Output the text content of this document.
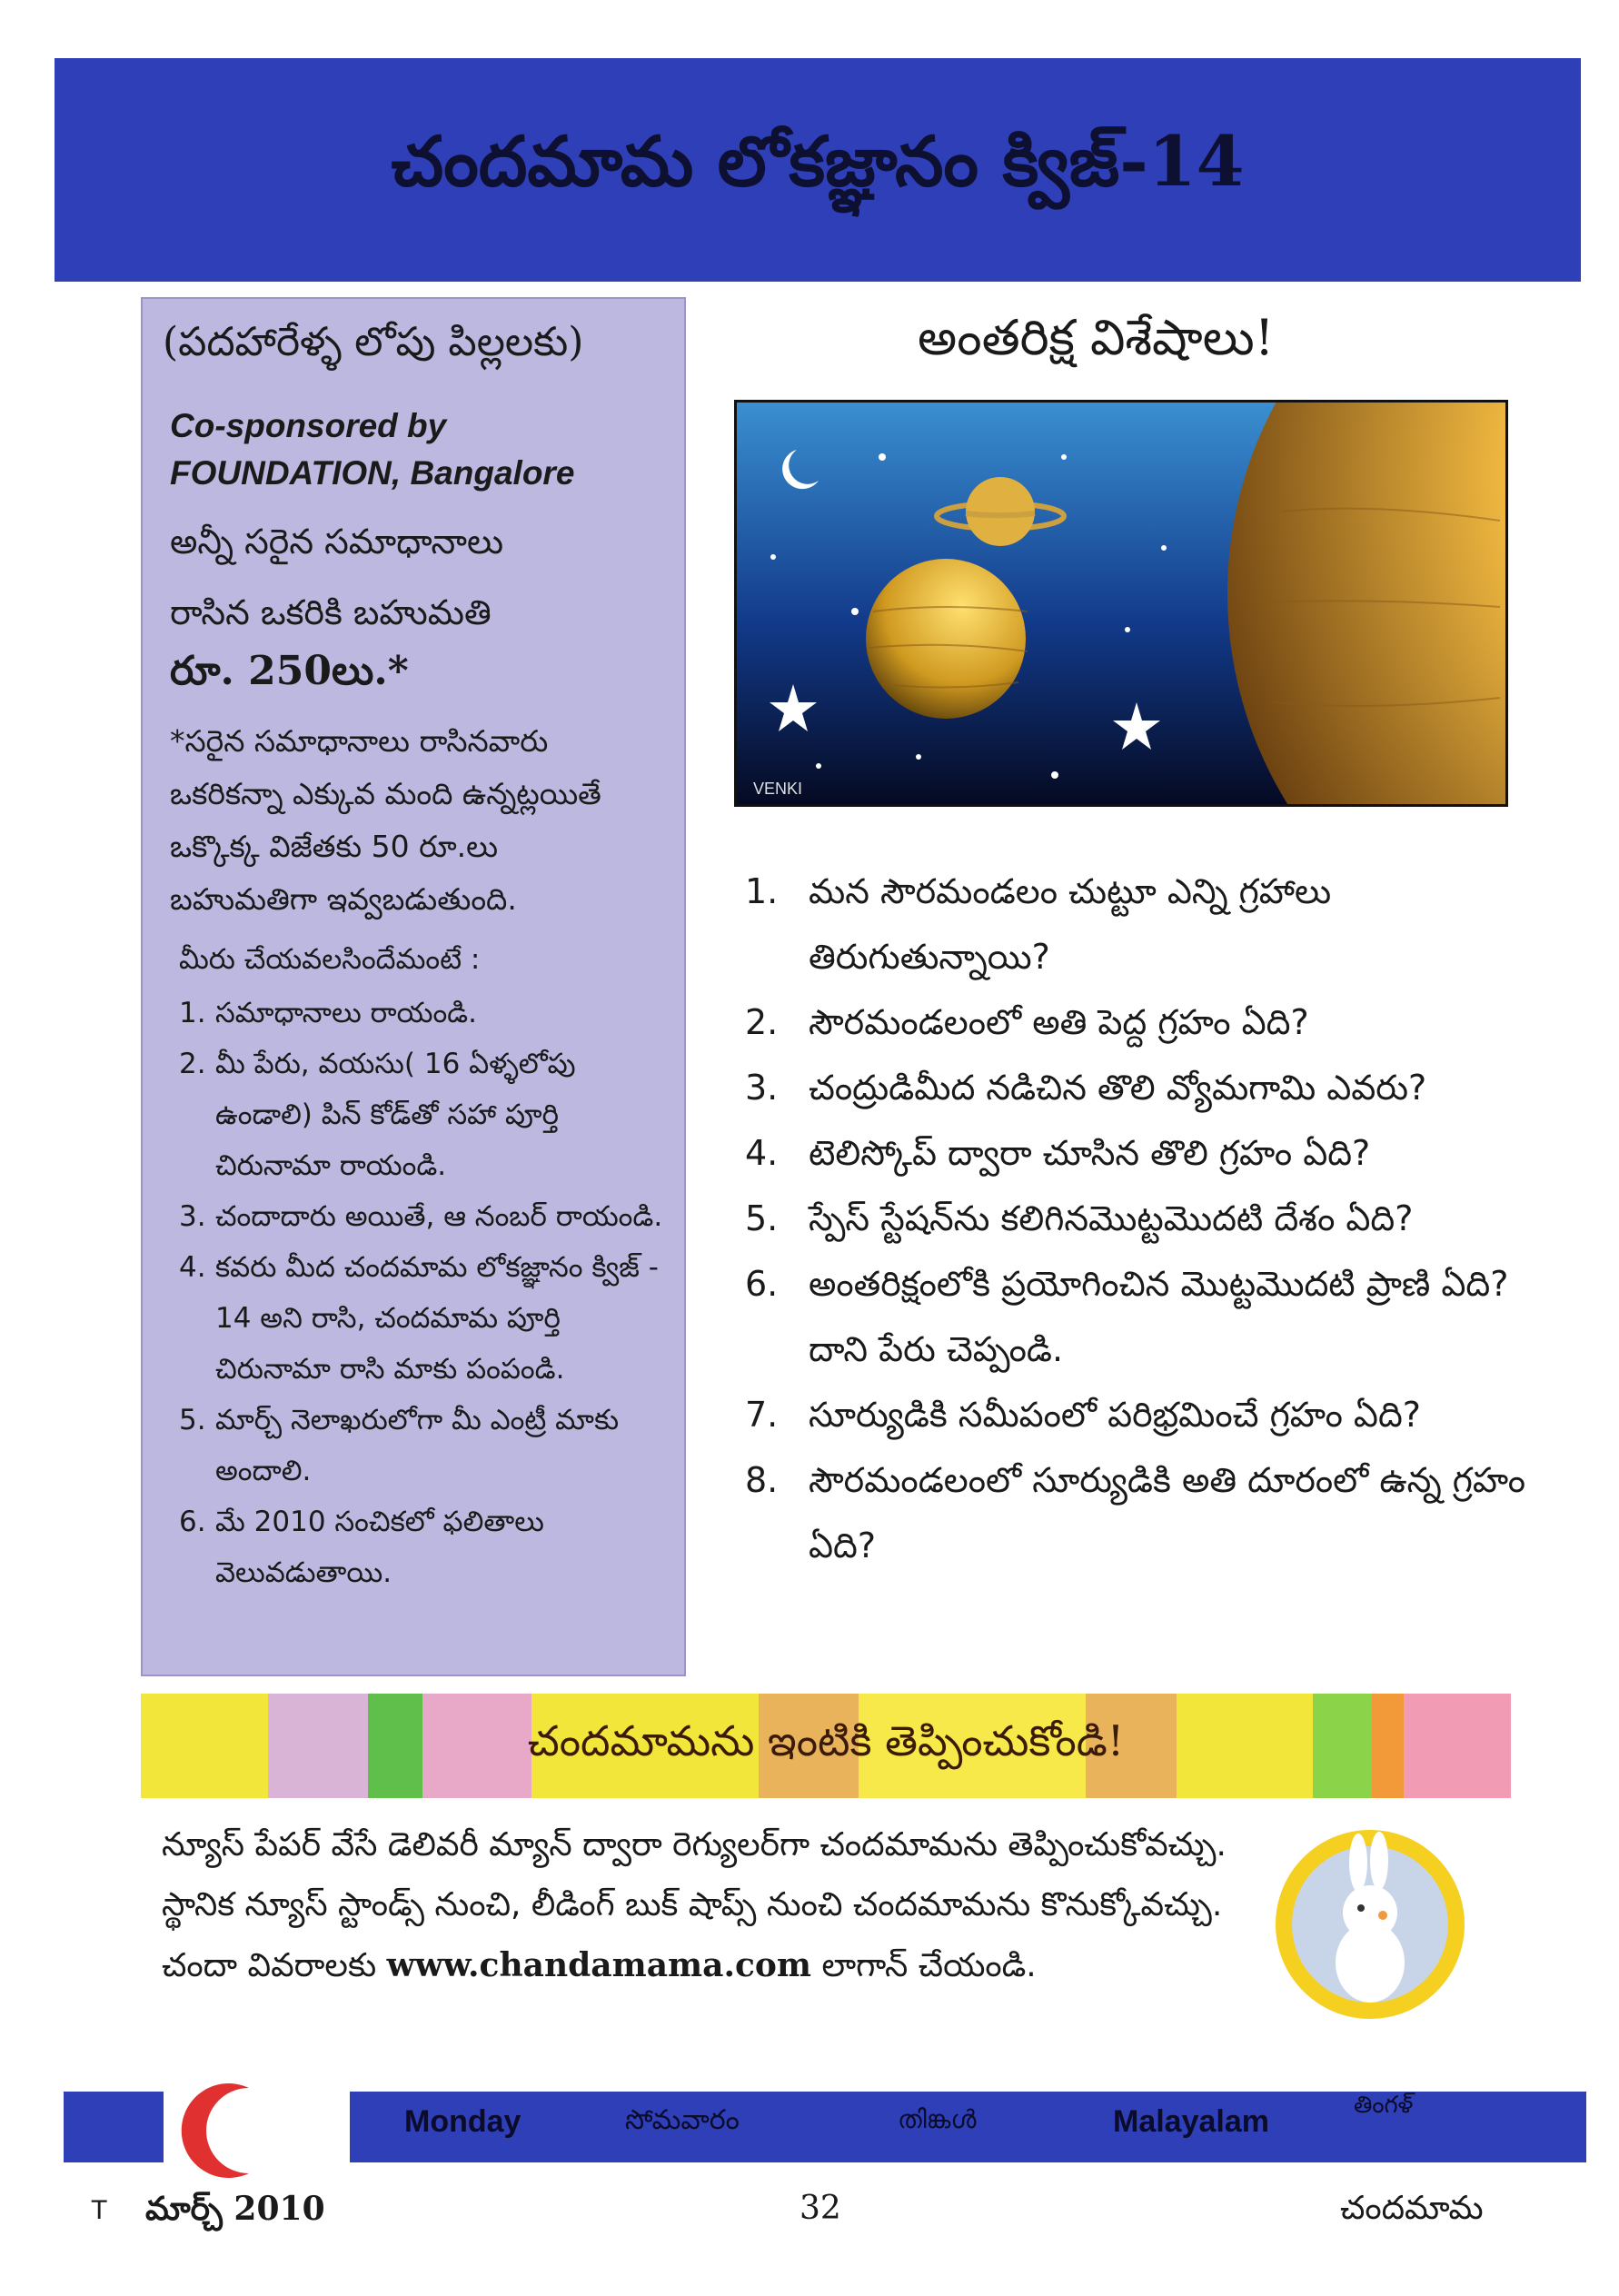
చందమామ లోకజ్ఞానం క్విజ్-14
(పదహారేళ్ళ లోపు పిల్లలకు)
Co-sponsored by
FOUNDATION, Bangalore
అన్నీ సరైన సమాధానాలు
రాసిన ఒకరికి బహుమతి
రూ. 250లు.*
*సరైన సమాధానాలు రాసినవారు
ఒకరికన్నా ఎక్కువ మంది ఉన్నట్లయితే
ఒక్కొక్క విజేతకు 50 రూ.లు
బహుమతిగా ఇవ్వబడుతుంది.
మీరు చేయవలసిందేమంటే :
1. సమాధానాలు రాయండి.
2. మీ పేరు, వయసు( 16 ఏళ్ళలోపు ఉండాలి) పిన్ కోడ్‌తో సహా పూర్తి చిరునామా రాయండి.
3. చందాదారు అయితే, ఆ నంబర్ రాయండి.
4. కవరు మీద చందమామ లోకజ్ఞానం క్విజ్ - 14 అని రాసి, చందమామ పూర్తి చిరునామా రాసి మాకు పంపండి.
5. మార్చ్ నెలాఖరులోగా మీ ఎంట్రీ మాకు అందాలి.
6. మే 2010 సంచికలో ఫలితాలు వెలువడుతాయి.
అంతరిక్ష విశేషాలు!
VENKI
1. మన సౌరమండలం చుట్టూ ఎన్ని గ్రహాలు తిరుగుతున్నాయి?
2. సౌరమండలంలో అతి పెద్ద గ్రహం ఏది?
3. చంద్రుడిమీద నడిచిన తొలి వ్యోమగామి ఎవరు?
4. టెలిస్కోప్ ద్వారా చూసిన తొలి గ్రహం ఏది?
5. స్పేస్ స్టేషన్‌ను కలిగినమొట్టమొదటి దేశం ఏది?
6. అంతరిక్షంలోకి ప్రయోగించిన మొట్టమొదటి ప్రాణి ఏది? దాని పేరు చెప్పండి.
7. సూర్యుడికి సమీపంలో పరిభ్రమించే గ్రహం ఏది?
8. సౌరమండలంలో సూర్యుడికి అతి దూరంలో ఉన్న గ్రహం ఏది?
చందమామను ఇంటికి తెప్పించుకోండి!
న్యూస్ పేపర్ వేసే డెలివరీ మ్యాన్ ద్వారా రెగ్యులర్‌గా చందమామను తెప్పించుకోవచ్చు. స్థానిక న్యూస్ స్టాండ్స్ నుంచి, లీడింగ్ బుక్ షాప్స్ నుంచి చందమామను కొనుక్కోవచ్చు. చందా వివరాలకు www.chandamama.com లాగాన్ చేయండి.
Monday	సోమవారం	തിങ്കൾ	Malayalam	తింగళ్
T మార్చ్ 2010	32	చందమామ
